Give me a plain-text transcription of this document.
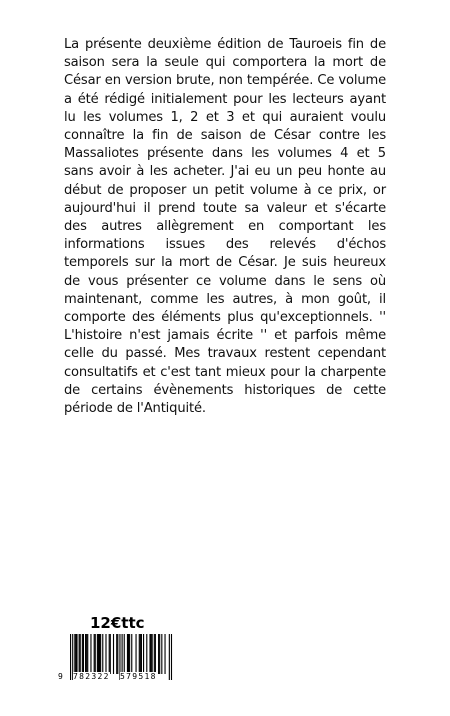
La présente deuxième édition de Tauroeis fin de saison sera la seule qui comportera la mort de César en version brute, non tempérée. Ce volume a été rédigé initialement pour les lecteurs ayant lu les volumes 1, 2 et 3 et qui auraient voulu connaître la fin de saison de César contre les Massaliotes présente dans les volumes 4 et 5 sans avoir à les acheter. J'ai eu un peu honte au début de proposer un petit volume à ce prix, or aujourd'hui il prend toute sa valeur et s'écarte des autres allègrement en comportant les informations issues des relevés d'échos temporels sur la mort de César. Je suis heureux de vous présenter ce volume dans le sens où maintenant, comme les autres, à mon goût, il comporte des éléments plus qu'exceptionnels. '' L'histoire n'est jamais écrite '' et parfois même celle du passé. Mes travaux restent cependant consultatifs et c'est tant mieux pour la charpente de certains évènements historiques de cette période de l'Antiquité.

12€ttc
9 782322 579518
